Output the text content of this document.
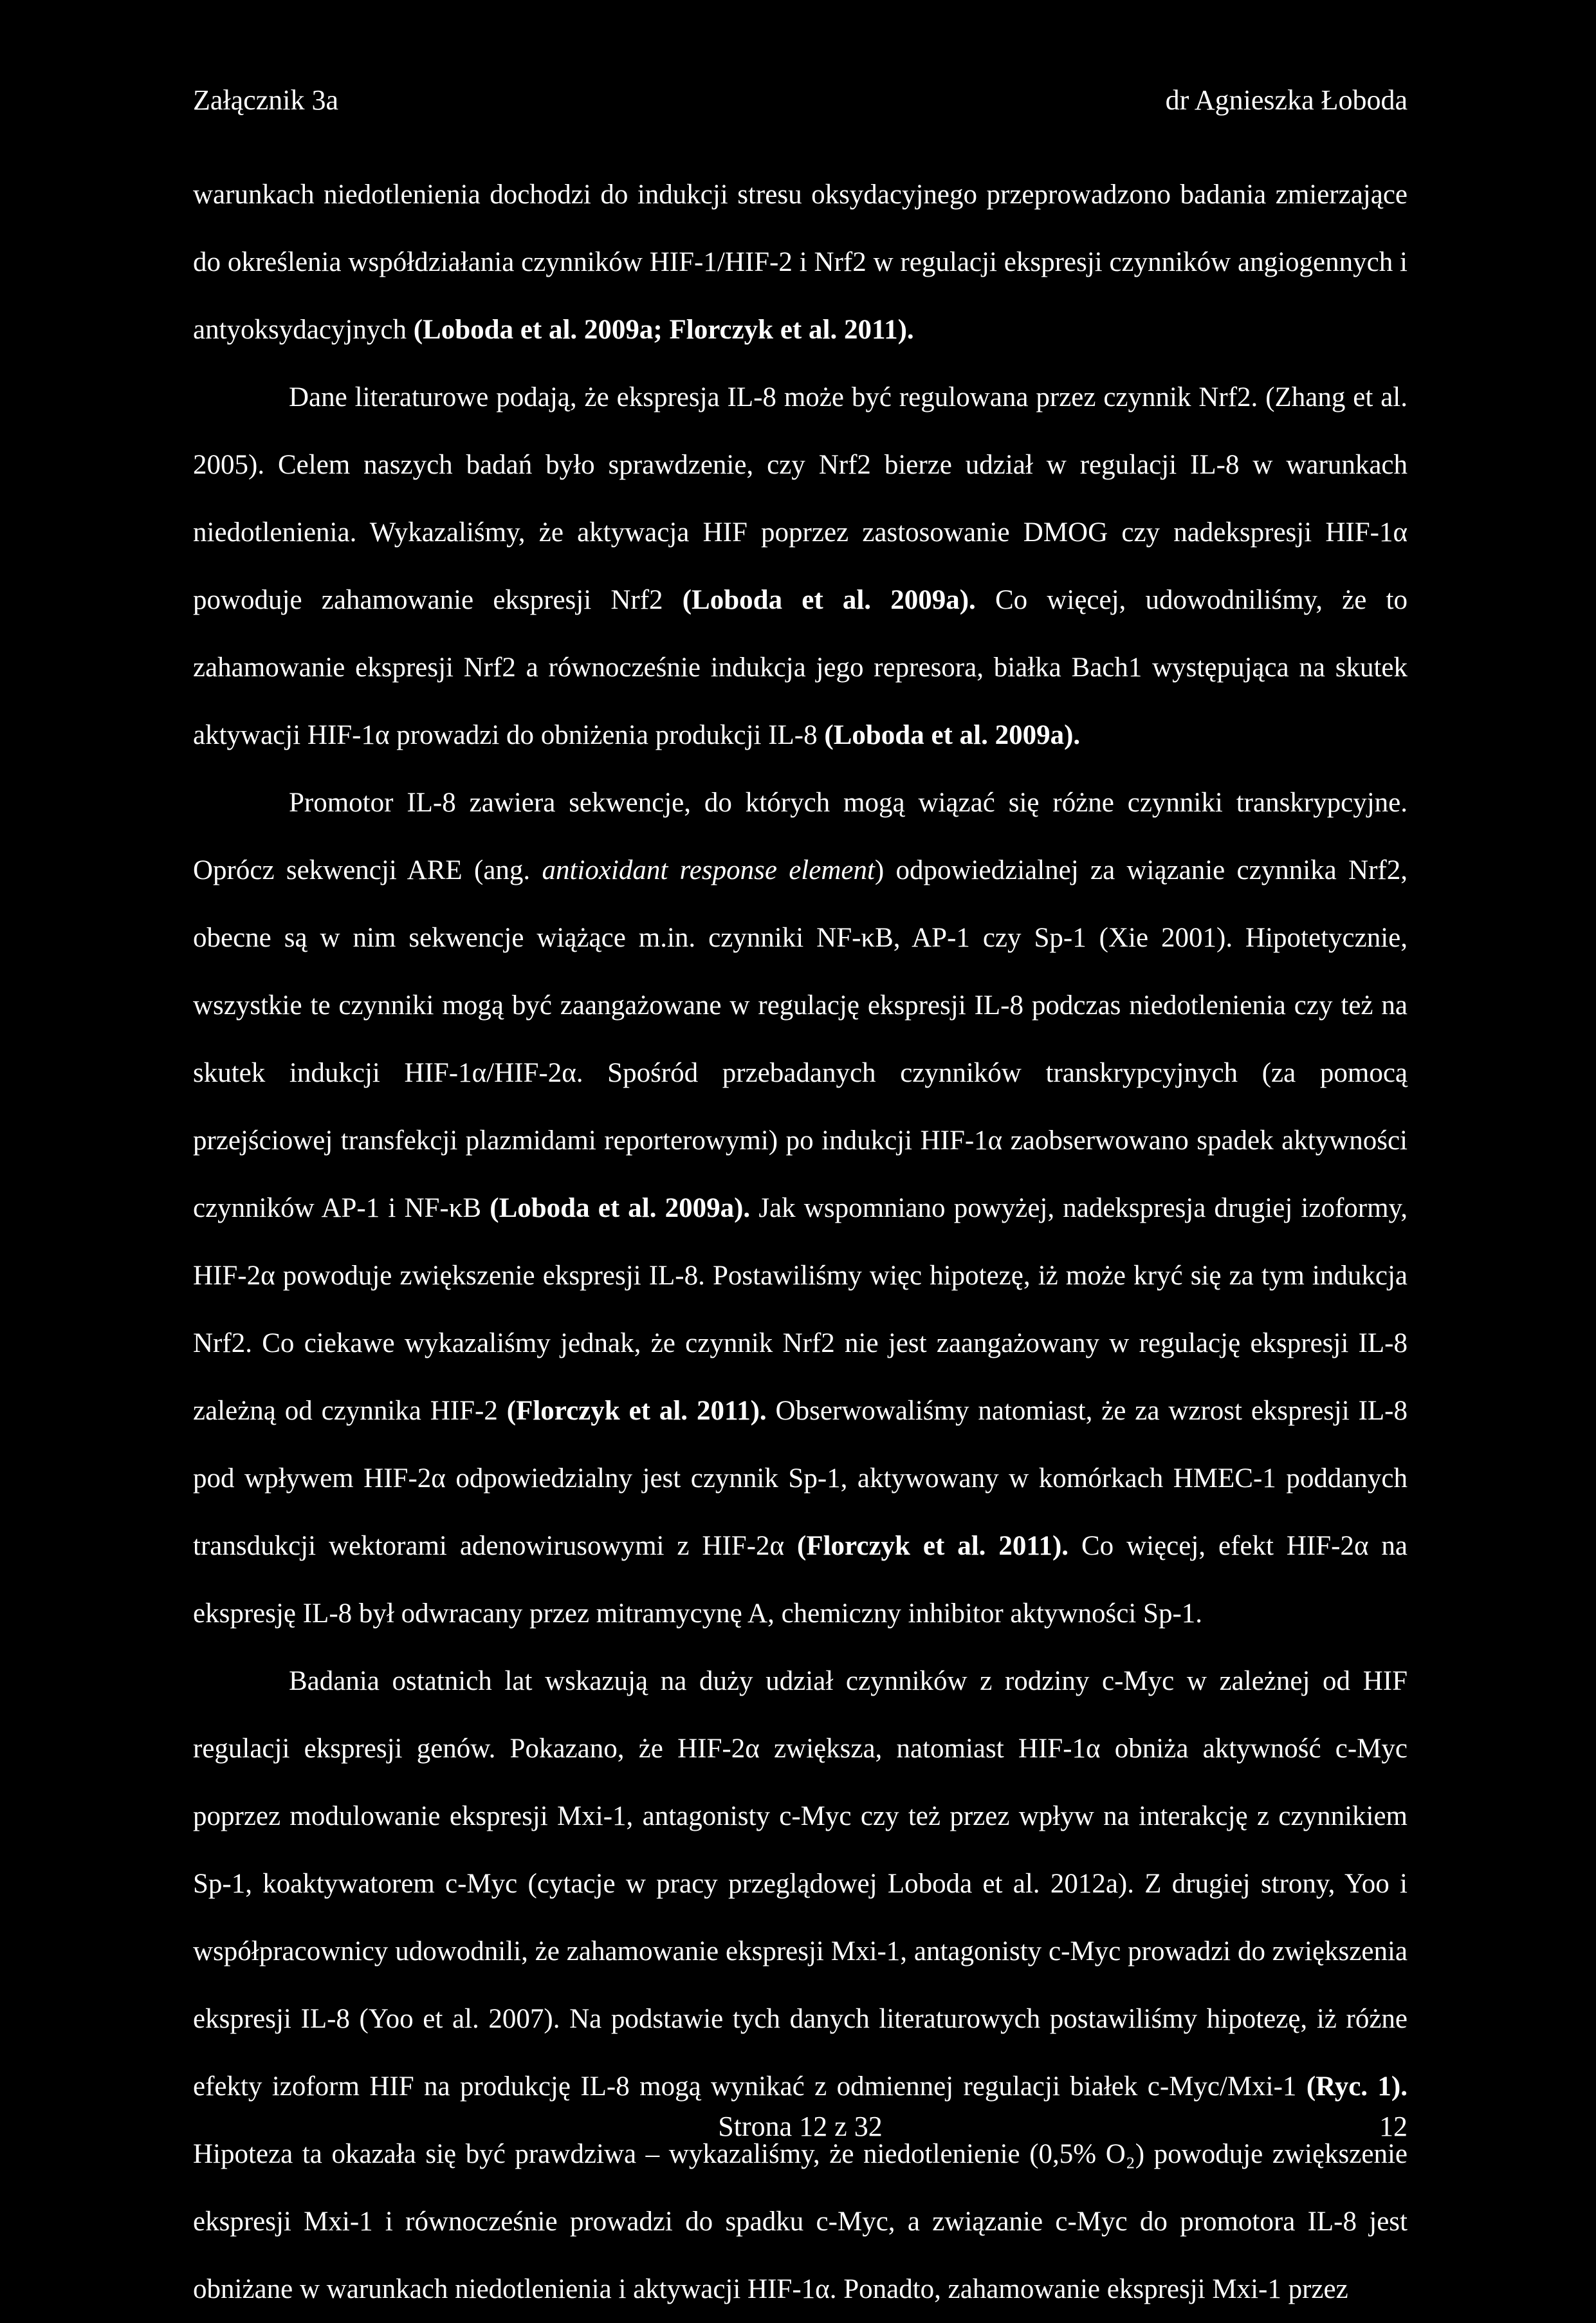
Załącznik 3a	dr Agnieszka Łoboda

warunkach niedotlenienia dochodzi do indukcji stresu oksydacyjnego przeprowadzono badania zmierzające do określenia współdziałania czynników HIF-1/HIF-2 i Nrf2 w regulacji ekspresji czynników angiogennych i antyoksydacyjnych (Loboda et al. 2009a; Florczyk et al. 2011).

Dane literaturowe podają, że ekspresja IL-8 może być regulowana przez czynnik Nrf2. (Zhang et al. 2005). Celem naszych badań było sprawdzenie, czy Nrf2 bierze udział w regulacji IL-8 w warunkach niedotlenienia. Wykazaliśmy, że aktywacja HIF poprzez zastosowanie DMOG czy nadekspresji HIF-1α powoduje zahamowanie ekspresji Nrf2 (Loboda et al. 2009a). Co więcej, udowodniliśmy, że to zahamowanie ekspresji Nrf2 a równocześnie indukcja jego represora, białka Bach1 występująca na skutek aktywacji HIF-1α prowadzi do obniżenia produkcji IL-8 (Loboda et al. 2009a).

Promotor IL-8 zawiera sekwencje, do których mogą wiązać się różne czynniki transkrypcyjne. Oprócz sekwencji ARE (ang. antioxidant response element) odpowiedzialnej za wiązanie czynnika Nrf2, obecne są w nim sekwencje wiążące m.in. czynniki NF-κB, AP-1 czy Sp-1 (Xie 2001). Hipotetycznie, wszystkie te czynniki mogą być zaangażowane w regulację ekspresji IL-8 podczas niedotlenienia czy też na skutek indukcji HIF-1α/HIF-2α. Spośród przebadanych czynników transkrypcyjnych (za pomocą przejściowej transfekcji plazmidami reporterowymi) po indukcji HIF-1α zaobserwowano spadek aktywności czynników AP-1 i NF-κB (Loboda et al. 2009a). Jak wspomniano powyżej, nadekspresja drugiej izoformy, HIF-2α powoduje zwiększenie ekspresji IL-8. Postawiliśmy więc hipotezę, iż może kryć się za tym indukcja Nrf2. Co ciekawe wykazaliśmy jednak, że czynnik Nrf2 nie jest zaangażowany w regulację ekspresji IL-8 zależną od czynnika HIF-2 (Florczyk et al. 2011). Obserwowaliśmy natomiast, że za wzrost ekspresji IL-8 pod wpływem HIF-2α odpowiedzialny jest czynnik Sp-1, aktywowany w komórkach HMEC-1 poddanych transdukcji wektorami adenowirusowymi z HIF-2α (Florczyk et al. 2011). Co więcej, efekt HIF-2α na ekspresję IL-8 był odwracany przez mitramycynę A, chemiczny inhibitor aktywności Sp-1.

Badania ostatnich lat wskazują na duży udział czynników z rodziny c-Myc w zależnej od HIF regulacji ekspresji genów. Pokazano, że HIF-2α zwiększa, natomiast HIF-1α obniża aktywność c-Myc poprzez modulowanie ekspresji Mxi-1, antagonisty c-Myc czy też przez wpływ na interakcję z czynnikiem Sp-1, koaktywatorem c-Myc (cytacje w pracy przeglądowej Loboda et al. 2012a). Z drugiej strony, Yoo i współpracownicy udowodnili, że zahamowanie ekspresji Mxi-1, antagonisty c-Myc prowadzi do zwiększenia ekspresji IL-8 (Yoo et al. 2007). Na podstawie tych danych literaturowych postawiliśmy hipotezę, iż różne efekty izoform HIF na produkcję IL-8 mogą wynikać z odmiennej regulacji białek c-Myc/Mxi-1 (Ryc. 1). Hipoteza ta okazała się być prawdziwa – wykazaliśmy, że niedotlenienie (0,5% O₂) powoduje zwiększenie ekspresji Mxi-1 i równocześnie prowadzi do spadku c-Myc, a związanie c-Myc do promotora IL-8 jest obniżane w warunkach niedotlenienia i aktywacji HIF-1α. Ponadto, zahamowanie ekspresji Mxi-1 przez

Strona 12 z 32	12
